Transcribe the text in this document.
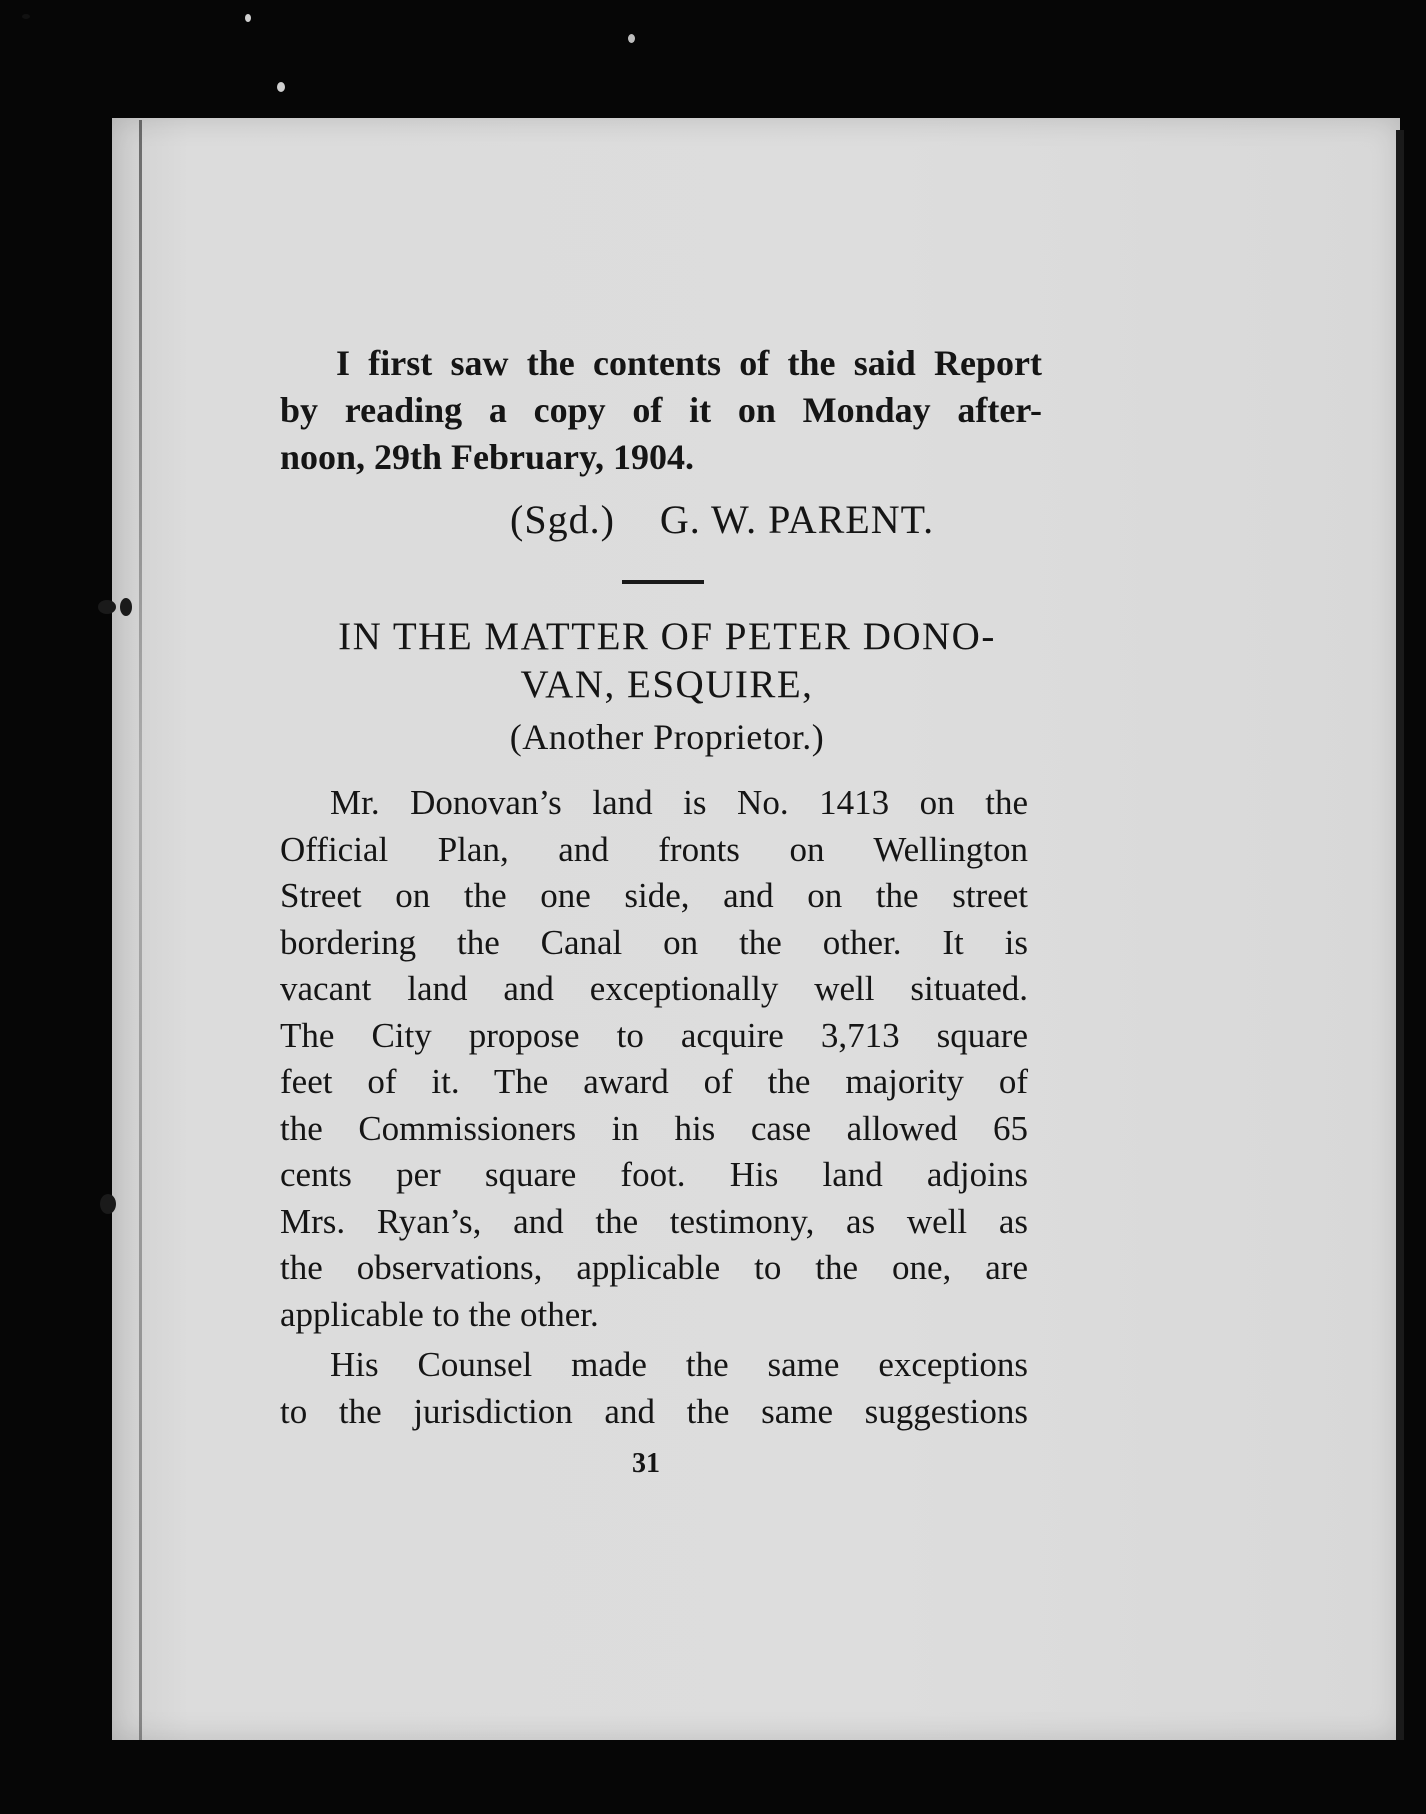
I first saw the contents of the said Report
by reading a copy of it on Monday after-
noon, 29th February, 1904.
(Sgd.) G. W. PARENT.
IN THE MATTER OF PETER DONO-
VAN, ESQUIRE,
(Another Proprietor.)
Mr. Donovan’s land is No. 1413 on the
Official Plan, and fronts on Wellington
Street on the one side, and on the street
bordering the Canal on the other. It is
vacant land and exceptionally well situated.
The City propose to acquire 3,713 square
feet of it. The award of the majority of
the Commissioners in his case allowed 65
cents per square foot. His land adjoins
Mrs. Ryan’s, and the testimony, as well as
the observations, applicable to the one, are
applicable to the other.
His Counsel made the same exceptions
to the jurisdiction and the same suggestions
31
